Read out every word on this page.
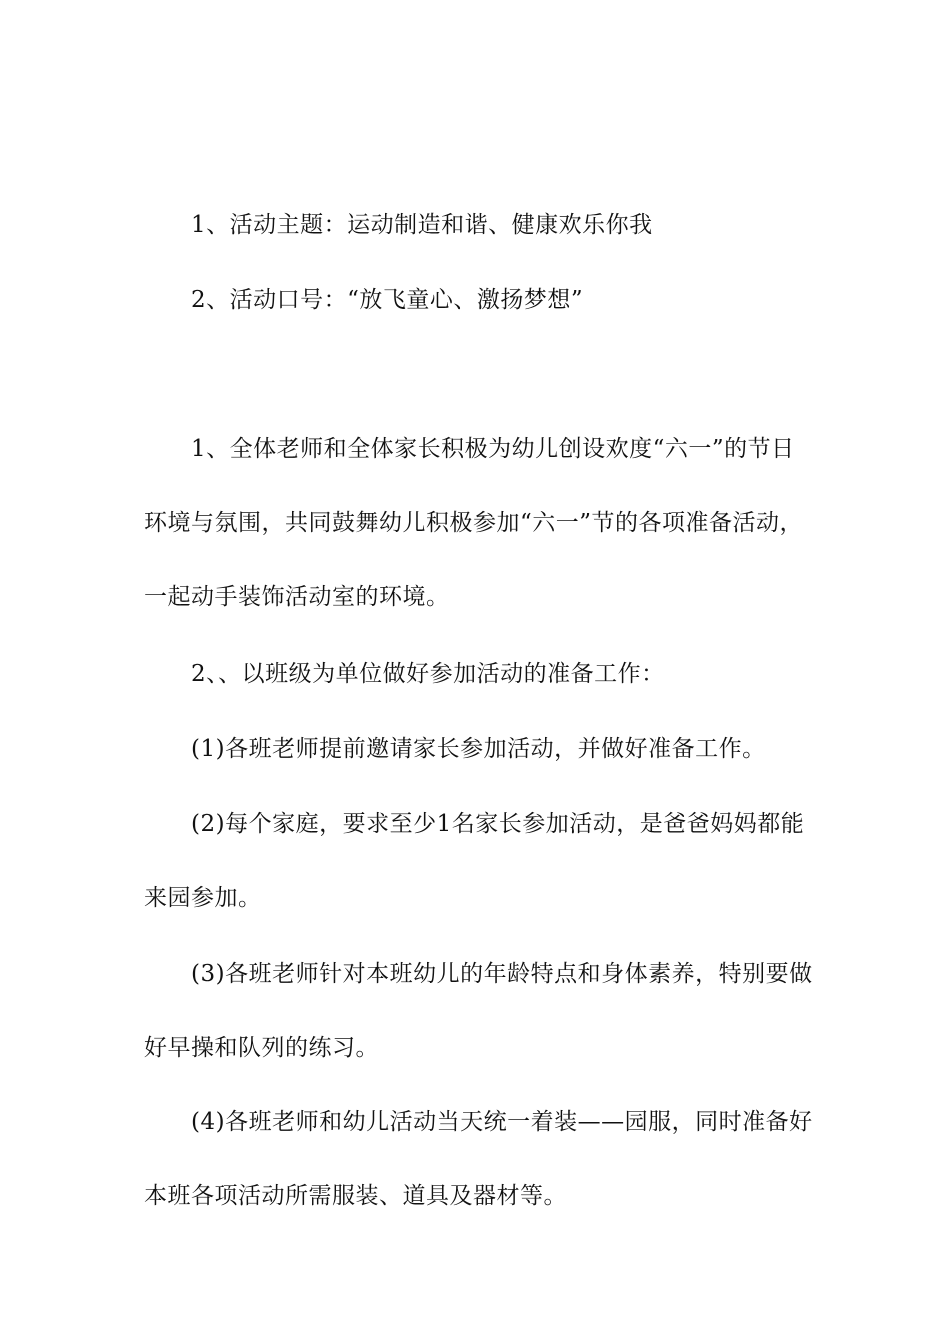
1、活动主题：运动制造和谐、健康欢乐你我

2、活动口号：“放飞童心、激扬梦想”

1、全体老师和全体家长积极为幼儿创设欢度“六一”的节日环境与氛围，共同鼓舞幼儿积极参加“六一”节的各项准备活动，一起动手装饰活动室的环境。

2、、以班级为单位做好参加活动的准备工作：

(1)各班老师提前邀请家长参加活动，并做好准备工作。

(2)每个家庭，要求至少1名家长参加活动，是爸爸妈妈都能来园参加。

(3)各班老师针对本班幼儿的年龄特点和身体素养，特别要做好早操和队列的练习。

(4)各班老师和幼儿活动当天统一着装——园服，同时准备好本班各项活动所需服装、道具及器材等。
